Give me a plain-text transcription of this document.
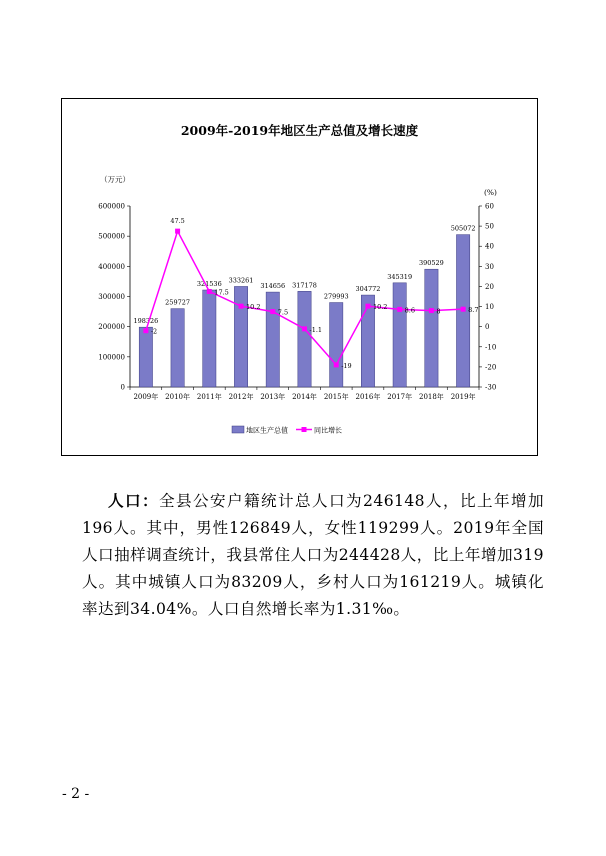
2009年-2019年地区生产总值及增长速度
（万元）
(%)
0
100000
200000
300000
400000
500000
600000
-30
-20
-10
0
10
20
30
40
50
60
2009年 2010年 2011年 2012年 2013年 2014年 2015年 2016年 2017年 2018年 2019年
198326
259727
321536 333261
314656 317178
279993
304772
345319
390529
505072
-2
47.5
17.5
10.2
7.5
-1.1
-19
10.2	8.6	8	8.7
地区生产总值	同比增长
人口：全县公安户籍统计总人口为246148人，比上年增加196人。其中，男性126849人，女性119299人。2019年全国人口抽样调查统计，我县常住人口为244428人，比上年增加319人。其中城镇人口为83209人，乡村人口为161219人。城镇化率达到34.04%。人口自然增长率为1.31‰。
- 2 -
